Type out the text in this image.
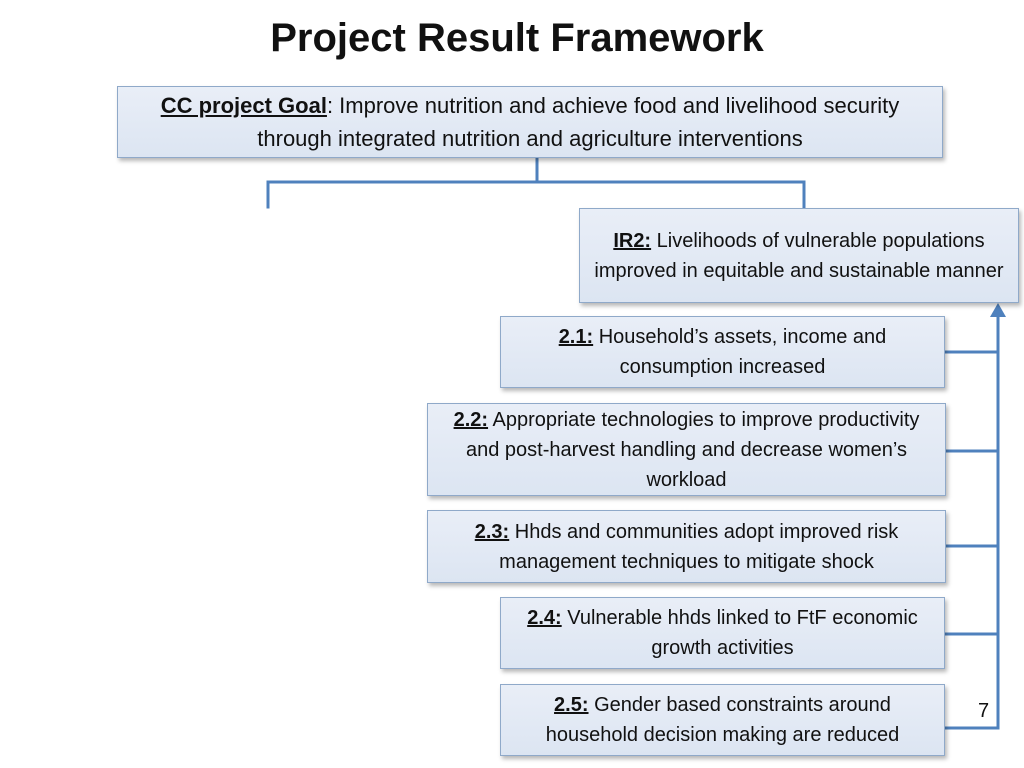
Project Result Framework
CC project Goal: Improve nutrition and achieve food and livelihood security through integrated nutrition and agriculture interventions
IR2: Livelihoods of vulnerable populations improved in equitable and sustainable manner
2.1: Household’s assets, income and consumption increased
2.2: Appropriate technologies to improve productivity and post-harvest handling and decrease women’s workload
2.3: Hhds and communities adopt improved risk management techniques to mitigate shock
2.4: Vulnerable hhds linked to FtF economic growth activities
2.5: Gender based constraints around household decision making are reduced
7
